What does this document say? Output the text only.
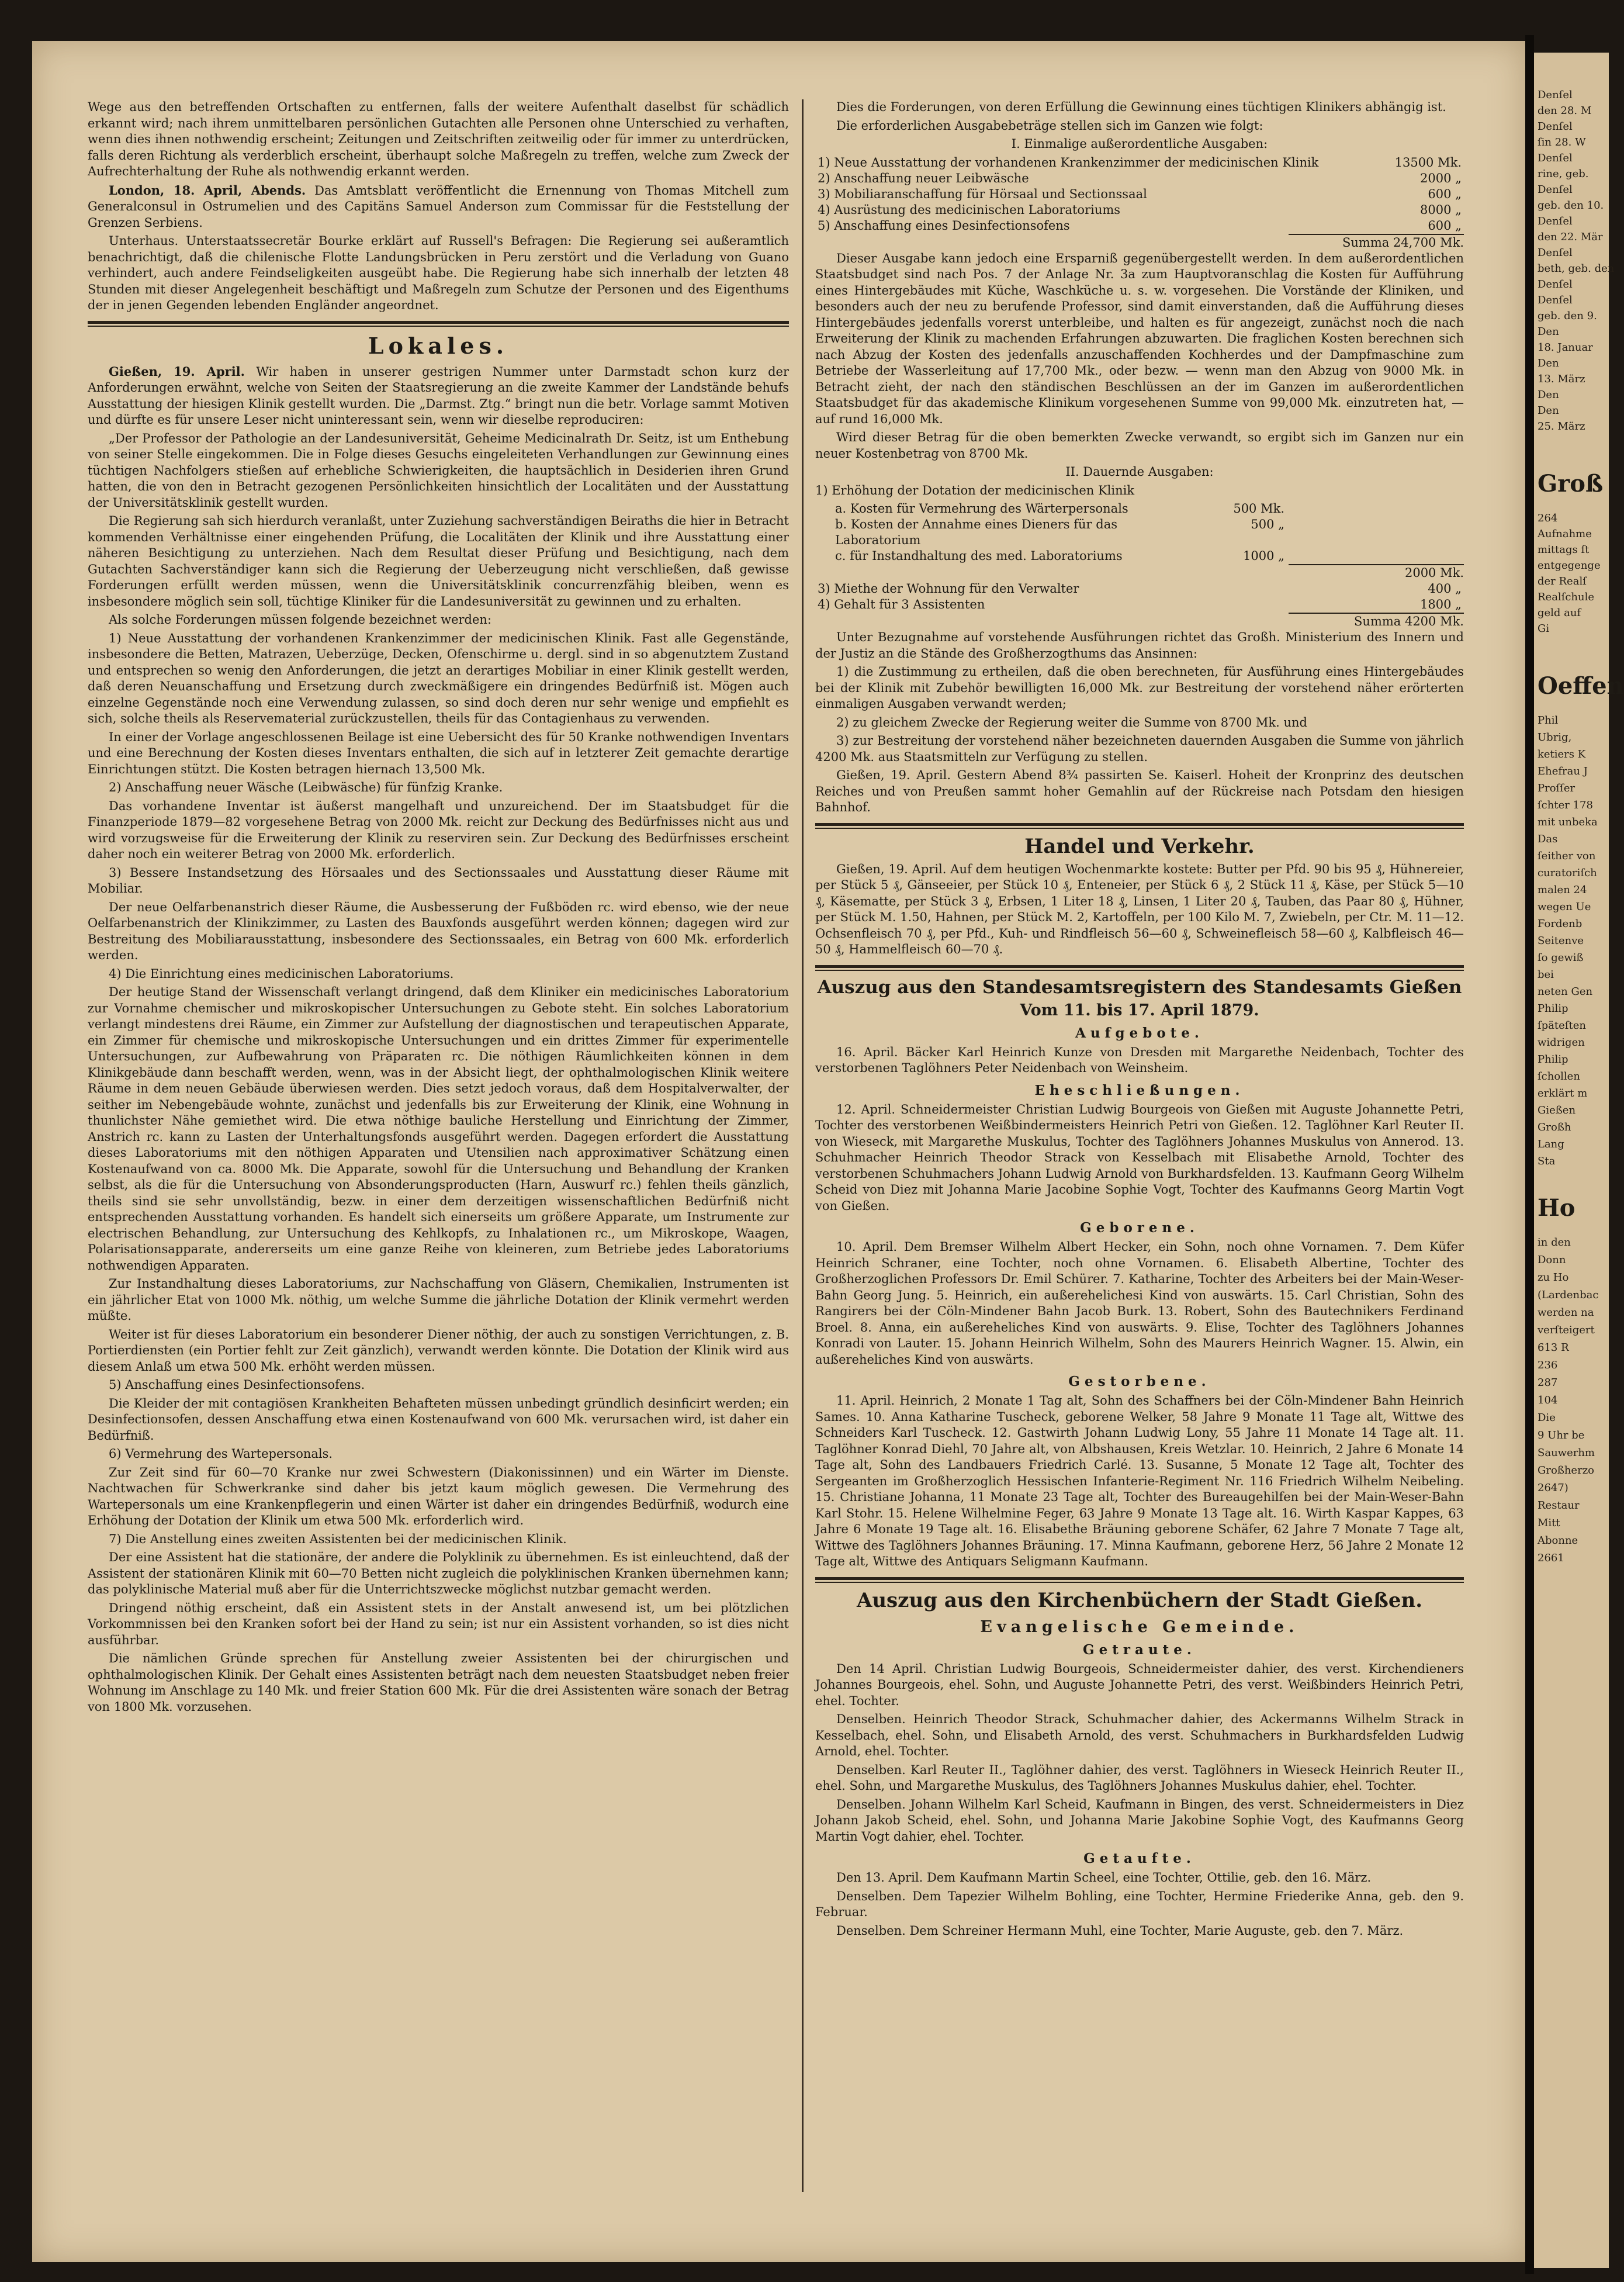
Wege aus den betreffenden Ortschaften zu entfernen, falls der weitere Aufenthalt daselbst für schädlich erkannt wird; nach ihrem unmittelbaren persönlichen Gutachten alle Personen ohne Unterschied zu verhaften, wenn dies ihnen nothwendig erscheint; Zeitungen und Zeitschriften zeitweilig oder für immer zu unterdrücken, falls deren Richtung als verderblich erscheint, überhaupt solche Maßregeln zu treffen, welche zum Zweck der Aufrechterhaltung der Ruhe als nothwendig erkannt werden.

London, 18. April, Abends. Das Amtsblatt veröffentlicht die Ernennung von Thomas Mitchell zum Generalconsul in Ostrumelien und des Capitäns Samuel Anderson zum Commissar für die Feststellung der Grenzen Serbiens.

Unterhaus. Unterstaatssecretär Bourke erklärt auf Russell's Befragen: Die Regierung sei außeramtlich benachrichtigt, daß die chilenische Flotte Landungsbrücken in Peru zerstört und die Verladung von Guano verhindert, auch andere Feindseligkeiten ausgeübt habe. Die Regierung habe sich innerhalb der letzten 48 Stunden mit dieser Angelegenheit beschäftigt und Maßregeln zum Schutze der Personen und des Eigenthums der in jenen Gegenden lebenden Engländer angeordnet.

Lokales.

Gießen, 19. April. Wir haben in unserer gestrigen Nummer unter Darmstadt schon kurz der Anforderungen erwähnt, welche von Seiten der Staatsregierung an die zweite Kammer der Landstände behufs Ausstattung der hiesigen Klinik gestellt wurden. Die „Darmst. Ztg.“ bringt nun die betr. Vorlage sammt Motiven und dürfte es für unsere Leser nicht uninteressant sein, wenn wir dieselbe reproduciren:

„Der Professor der Pathologie an der Landesuniversität, Geheime Medicinalrath Dr. Seitz, ist um Enthebung von seiner Stelle eingekommen. Die in Folge dieses Gesuchs eingeleiteten Verhandlungen zur Gewinnung eines tüchtigen Nachfolgers stießen auf erhebliche Schwierigkeiten, die hauptsächlich in Desiderien ihren Grund hatten, die von den in Betracht gezogenen Persönlichkeiten hinsichtlich der Localitäten und der Ausstattung der Universitätsklinik gestellt wurden.

Die Regierung sah sich hierdurch veranlaßt, unter Zuziehung sachverständigen Beiraths die hier in Betracht kommenden Verhältnisse einer eingehenden Prüfung, die Localitäten der Klinik und ihre Ausstattung einer näheren Besichtigung zu unterziehen. Nach dem Resultat dieser Prüfung und Besichtigung, nach dem Gutachten Sachverständiger kann sich die Regierung der Ueberzeugung nicht verschließen, daß gewisse Forderungen erfüllt werden müssen, wenn die Universitätsklinik concurrenzfähig bleiben, wenn es insbesondere möglich sein soll, tüchtige Kliniker für die Landesuniversität zu gewinnen und zu erhalten.

Als solche Forderungen müssen folgende bezeichnet werden:

1) Neue Ausstattung der vorhandenen Krankenzimmer der medicinischen Klinik. Fast alle Gegenstände, insbesondere die Betten, Matrazen, Ueberzüge, Decken, Ofenschirme u. dergl. sind in so abgenutztem Zustand und entsprechen so wenig den Anforderungen, die jetzt an derartiges Mobiliar in einer Klinik gestellt werden, daß deren Neuanschaffung und Ersetzung durch zweckmäßigere ein dringendes Bedürfniß ist. Mögen auch einzelne Gegenstände noch eine Verwendung zulassen, so sind doch deren nur sehr wenige und empfiehlt es sich, solche theils als Reservematerial zurückzustellen, theils für das Contagienhaus zu verwenden.

In einer der Vorlage angeschlossenen Beilage ist eine Uebersicht des für 50 Kranke nothwendigen Inventars und eine Berechnung der Kosten dieses Inventars enthalten, die sich auf in letzterer Zeit gemachte derartige Einrichtungen stützt. Die Kosten betragen hiernach 13,500 Mk.

2) Anschaffung neuer Wäsche (Leibwäsche) für fünfzig Kranke.

Das vorhandene Inventar ist äußerst mangelhaft und unzureichend. Der im Staatsbudget für die Finanzperiode 1879—82 vorgesehene Betrag von 2000 Mk. reicht zur Deckung des Bedürfnisses nicht aus und wird vorzugsweise für die Erweiterung der Klinik zu reserviren sein. Zur Deckung des Bedürfnisses erscheint daher noch ein weiterer Betrag von 2000 Mk. erforderlich.

3) Bessere Instandsetzung des Hörsaales und des Sectionssaales und Ausstattung dieser Räume mit Mobiliar.

Der neue Oelfarbenanstrich dieser Räume, die Ausbesserung der Fußböden rc. wird ebenso, wie der neue Oelfarbenanstrich der Klinikzimmer, zu Lasten des Bauxfonds ausgeführt werden können; dagegen wird zur Bestreitung des Mobiliarausstattung, insbesondere des Sectionssaales, ein Betrag von 600 Mk. erforderlich werden.

4) Die Einrichtung eines medicinischen Laboratoriums.

Der heutige Stand der Wissenschaft verlangt dringend, daß dem Kliniker ein medicinisches Laboratorium zur Vornahme chemischer und mikroskopischer Untersuchungen zu Gebote steht. Ein solches Laboratorium verlangt mindestens drei Räume, ein Zimmer zur Aufstellung der diagnostischen und terapeutischen Apparate, ein Zimmer für chemische und mikroskopische Untersuchungen und ein drittes Zimmer für experimentelle Untersuchungen, zur Aufbewahrung von Präparaten rc. Die nöthigen Räumlichkeiten können in dem Klinikgebäude dann beschafft werden, wenn, was in der Absicht liegt, der ophthalmologischen Klinik weitere Räume in dem neuen Gebäude überwiesen werden. Dies setzt jedoch voraus, daß dem Hospitalverwalter, der seither im Nebengebäude wohnte, zunächst und jedenfalls bis zur Erweiterung der Klinik, eine Wohnung in thunlichster Nähe gemiethet wird. Die etwa nöthige bauliche Herstellung und Einrichtung der Zimmer, Anstrich rc. kann zu Lasten der Unterhaltungsfonds ausgeführt werden. Dagegen erfordert die Ausstattung dieses Laboratoriums mit den nöthigen Apparaten und Utensilien nach approximativer Schätzung einen Kostenaufwand von ca. 8000 Mk. Die Apparate, sowohl für die Untersuchung und Behandlung der Kranken selbst, als die für die Untersuchung von Absonderungsproducten (Harn, Auswurf rc.) fehlen theils gänzlich, theils sind sie sehr unvollständig, bezw. in einer dem derzeitigen wissenschaftlichen Bedürfniß nicht entsprechenden Ausstattung vorhanden. Es handelt sich einerseits um größere Apparate, um Instrumente zur electrischen Behandlung, zur Untersuchung des Kehlkopfs, zu Inhalationen rc., um Mikroskope, Waagen, Polarisationsapparate, andererseits um eine ganze Reihe von kleineren, zum Betriebe jedes Laboratoriums nothwendigen Apparaten.

Zur Instandhaltung dieses Laboratoriums, zur Nachschaffung von Gläsern, Chemikalien, Instrumenten ist ein jährlicher Etat von 1000 Mk. nöthig, um welche Summe die jährliche Dotation der Klinik vermehrt werden müßte.

Weiter ist für dieses Laboratorium ein besonderer Diener nöthig, der auch zu sonstigen Verrichtungen, z. B. Portierdiensten (ein Portier fehlt zur Zeit gänzlich), verwandt werden könnte. Die Dotation der Klinik wird aus diesem Anlaß um etwa 500 Mk. erhöht werden müssen.

5) Anschaffung eines Desinfectionsofens.

Die Kleider der mit contagiösen Krankheiten Behafteten müssen unbedingt gründlich desinficirt werden; ein Desinfectionsofen, dessen Anschaffung etwa einen Kostenaufwand von 600 Mk. verursachen wird, ist daher ein Bedürfniß.

6) Vermehrung des Wartepersonals.

Zur Zeit sind für 60—70 Kranke nur zwei Schwestern (Diakonissinnen) und ein Wärter im Dienste. Nachtwachen für Schwerkranke sind daher bis jetzt kaum möglich gewesen. Die Vermehrung des Wartepersonals um eine Krankenpflegerin und einen Wärter ist daher ein dringendes Bedürfniß, wodurch eine Erhöhung der Dotation der Klinik um etwa 500 Mk. erforderlich wird.

7) Die Anstellung eines zweiten Assistenten bei der medicinischen Klinik.

Der eine Assistent hat die stationäre, der andere die Polyklinik zu übernehmen. Es ist einleuchtend, daß der Assistent der stationären Klinik mit 60—70 Betten nicht zugleich die polyklinischen Kranken übernehmen kann; das polyklinische Material muß aber für die Unterrichtszwecke möglichst nutzbar gemacht werden.

Dringend nöthig erscheint, daß ein Assistent stets in der Anstalt anwesend ist, um bei plötzlichen Vorkommnissen bei den Kranken sofort bei der Hand zu sein; ist nur ein Assistent vorhanden, so ist dies nicht ausführbar.

Die nämlichen Gründe sprechen für Anstellung zweier Assistenten bei der chirurgischen und ophthalmologischen Klinik. Der Gehalt eines Assistenten beträgt nach dem neuesten Staatsbudget neben freier Wohnung im Anschlage zu 140 Mk. und freier Station 600 Mk. Für die drei Assistenten wäre sonach der Betrag von 1800 Mk. vorzusehen.

Dies die Forderungen, von deren Erfüllung die Gewinnung eines tüchtigen Klinikers abhängig ist.

Die erforderlichen Ausgabebeträge stellen sich im Ganzen wie folgt:

I. Einmalige außerordentliche Ausgaben:

1) Neue Ausstattung der vorhandenen Krankenzimmer der medicinischen Klinik	13500 Mk.
2) Anschaffung neuer Leibwäsche	2000 „
3) Mobiliaranschaffung für Hörsaal und Sectionssaal	600 „
4) Ausrüstung des medicinischen Laboratoriums	8000 „
5) Anschaffung eines Desinfectionsofens	600 „
Summa 24,700 Mk.

Dieser Ausgabe kann jedoch eine Ersparniß gegenübergestellt werden. In dem außerordentlichen Staatsbudget sind nach Pos. 7 der Anlage Nr. 3a zum Hauptvoranschlag die Kosten für Aufführung eines Hintergebäudes mit Küche, Waschküche u. s. w. vorgesehen. Die Vorstände der Kliniken, und besonders auch der neu zu berufende Professor, sind damit einverstanden, daß die Aufführung dieses Hintergebäudes jedenfalls vorerst unterbleibe, und halten es für angezeigt, zunächst noch die nach Erweiterung der Klinik zu machenden Erfahrungen abzuwarten. Die fraglichen Kosten berechnen sich nach Abzug der Kosten des jedenfalls anzuschaffenden Kochherdes und der Dampfmaschine zum Betriebe der Wasserleitung auf 17,700 Mk., oder bezw. — wenn man den Abzug von 9000 Mk. in Betracht zieht, der nach den ständischen Beschlüssen an der im Ganzen im außerordentlichen Staatsbudget für das akademische Klinikum vorgesehenen Summe von 99,000 Mk. einzutreten hat, — auf rund 16,000 Mk.

Wird dieser Betrag für die oben bemerkten Zwecke verwandt, so ergibt sich im Ganzen nur ein neuer Kostenbetrag von 8700 Mk.

II. Dauernde Ausgaben:

1) Erhöhung der Dotation der medicinischen Klinik

a. Kosten für Vermehrung des Wärterpersonals	500 Mk.
b. Kosten der Annahme eines Dieners für das Laboratorium	500 „
c. für Instandhaltung des med. Laboratoriums	1000 „
2000 Mk.
3) Miethe der Wohnung für den Verwalter	400 „
4) Gehalt für 3 Assistenten	1800 „
Summa 4200 Mk.

Unter Bezugnahme auf vorstehende Ausführungen richtet das Großh. Ministerium des Innern und der Justiz an die Stände des Großherzogthums das Ansinnen:

1) die Zustimmung zu ertheilen, daß die oben berechneten, für Ausführung eines Hintergebäudes bei der Klinik mit Zubehör bewilligten 16,000 Mk. zur Bestreitung der vorstehend näher erörterten einmaligen Ausgaben verwandt werden;

2) zu gleichem Zwecke der Regierung weiter die Summe von 8700 Mk. und

3) zur Bestreitung der vorstehend näher bezeichneten dauernden Ausgaben die Summe von jährlich 4200 Mk. aus Staatsmitteln zur Verfügung zu stellen.

Gießen, 19. April. Gestern Abend 8¾ passirten Se. Kaiserl. Hoheit der Kronprinz des deutschen Reiches und von Preußen sammt hoher Gemahlin auf der Rückreise nach Potsdam den hiesigen Bahnhof.

Handel und Verkehr.

Gießen, 19. April. Auf dem heutigen Wochenmarkte kostete: Butter per Pfd. 90 bis 95 ₰, Hühnereier, per Stück 5 ₰, Gänseeier, per Stück 10 ₰, Enteneier, per Stück 6 ₰, 2 Stück 11 ₰, Käse, per Stück 5—10 ₰, Käsematte, per Stück 3 ₰, Erbsen, 1 Liter 18 ₰, Linsen, 1 Liter 20 ₰, Tauben, das Paar 80 ₰, Hühner, per Stück M. 1.50, Hahnen, per Stück M. 2, Kartoffeln, per 100 Kilo M. 7, Zwiebeln, per Ctr. M. 11—12. Ochsenfleisch 70 ₰, per Pfd., Kuh- und Rindfleisch 56—60 ₰, Schweinefleisch 58—60 ₰, Kalbfleisch 46—50 ₰, Hammelfleisch 60—70 ₰.

Auszug aus den Standesamtsregistern des Standesamts Gießen
Vom 11. bis 17. April 1879.
Aufgebote.

16. April. Bäcker Karl Heinrich Kunze von Dresden mit Margarethe Neidenbach, Tochter des verstorbenen Taglöhners Peter Neidenbach von Weinsheim.

Eheschließungen.

12. April. Schneidermeister Christian Ludwig Bourgeois von Gießen mit Auguste Johannette Petri, Tochter des verstorbenen Weißbindermeisters Heinrich Petri von Gießen. 12. Taglöhner Karl Reuter II. von Wieseck, mit Margarethe Muskulus, Tochter des Taglöhners Johannes Muskulus von Annerod. 13. Schuhmacher Heinrich Theodor Strack von Kesselbach mit Elisabethe Arnold, Tochter des verstorbenen Schuhmachers Johann Ludwig Arnold von Burkhardsfelden. 13. Kaufmann Georg Wilhelm Scheid von Diez mit Johanna Marie Jacobine Sophie Vogt, Tochter des Kaufmanns Georg Martin Vogt von Gießen.

Geborene.

10. April. Dem Bremser Wilhelm Albert Hecker, ein Sohn, noch ohne Vornamen. 7. Dem Küfer Heinrich Schraner, eine Tochter, noch ohne Vornamen. 6. Elisabeth Albertine, Tochter des Großherzoglichen Professors Dr. Emil Schürer. 7. Katharine, Tochter des Arbeiters bei der Main-Weser-Bahn Georg Jung. 5. Heinrich, ein außerehelichesi Kind von auswärts. 15. Carl Christian, Sohn des Rangirers bei der Cöln-Mindener Bahn Jacob Burk. 13. Robert, Sohn des Bautechnikers Ferdinand Broel. 8. Anna, ein außereheliches Kind von auswärts. 9. Elise, Tochter des Taglöhners Johannes Konradi von Lauter. 15. Johann Heinrich Wilhelm, Sohn des Maurers Heinrich Wagner. 15. Alwin, ein außereheliches Kind von auswärts.

Gestorbene.

11. April. Heinrich, 2 Monate 1 Tag alt, Sohn des Schaffners bei der Cöln-Mindener Bahn Heinrich Sames. 10. Anna Katharine Tuscheck, geborene Welker, 58 Jahre 9 Monate 11 Tage alt, Wittwe des Schneiders Karl Tuscheck. 12. Gastwirth Johann Ludwig Lony, 55 Jahre 11 Monate 14 Tage alt. 11. Taglöhner Konrad Diehl, 70 Jahre alt, von Albshausen, Kreis Wetzlar. 10. Heinrich, 2 Jahre 6 Monate 14 Tage alt, Sohn des Landbauers Friedrich Carlé. 13. Susanne, 5 Monate 12 Tage alt, Tochter des Sergeanten im Großherzoglich Hessischen Infanterie-Regiment Nr. 116 Friedrich Wilhelm Neibeling. 15. Christiane Johanna, 11 Monate 23 Tage alt, Tochter des Bureaugehilfen bei der Main-Weser-Bahn Karl Stohr. 15. Helene Wilhelmine Feger, 63 Jahre 9 Monate 13 Tage alt. 16. Wirth Kaspar Kappes, 63 Jahre 6 Monate 19 Tage alt. 16. Elisabethe Bräuning geborene Schäfer, 62 Jahre 7 Monate 7 Tage alt, Wittwe des Taglöhners Johannes Bräuning. 17. Minna Kaufmann, geborene Herz, 56 Jahre 2 Monate 12 Tage alt, Wittwe des Antiquars Seligmann Kaufmann.

Auszug aus den Kirchenbüchern der Stadt Gießen.
Evangelische Gemeinde.
Getraute.

Den 14 April. Christian Ludwig Bourgeois, Schneidermeister dahier, des verst. Kirchendieners Johannes Bourgeois, ehel. Sohn, und Auguste Johannette Petri, des verst. Weißbinders Heinrich Petri, ehel. Tochter.

Denselben. Heinrich Theodor Strack, Schuhmacher dahier, des Ackermanns Wilhelm Strack in Kesselbach, ehel. Sohn, und Elisabeth Arnold, des verst. Schuhmachers in Burkhardsfelden Ludwig Arnold, ehel. Tochter.

Denselben. Karl Reuter II., Taglöhner dahier, des verst. Taglöhners in Wieseck Heinrich Reuter II., ehel. Sohn, und Margarethe Muskulus, des Taglöhners Johannes Muskulus dahier, ehel. Tochter.

Denselben. Johann Wilhelm Karl Scheid, Kaufmann in Bingen, des verst. Schneidermeisters in Diez Johann Jakob Scheid, ehel. Sohn, und Johanna Marie Jakobine Sophie Vogt, des Kaufmanns Georg Martin Vogt dahier, ehel. Tochter.

Getaufte.

Den 13. April. Dem Kaufmann Martin Scheel, eine Tochter, Ottilie, geb. den 16. März.

Denselben. Dem Tapezier Wilhelm Bohling, eine Tochter, Hermine Friederike Anna, geb. den 9. Februar.

Denselben. Dem Schreiner Hermann Muhl, eine Tochter, Marie Auguste, geb. den 7. März.

Denſel
den 28. M
Denſel
ſin 28. W
Denſel
rine, geb.
Denſel
geb. den 10.
Denſel
den 22. Mär
Denſel
beth, geb. den
Denſel
Denſel
geb. den 9.
Den
18. Januar
Den
13. März
Den
Den
25. März
Groß
264
Aufnahme
mittags ſt
entgegenge
der Realſ
Realſchule
geld auf
Gi
Oeffen
Phil
Ubrig,
ketiers K
Ehefrau J
Proſſer
ſchter 178
mit unbeka
Das
ſeither von
curatoriſch
malen 24
wegen Ue
Fordenb
Seitenve
ſo gewiß
bei
neten Gen
Philip
ſpäteſten
widrigen
Philip
ſchollen
erklärt m
Gießen
Großh
Lang
Sta
Ho
in den
Donn
zu Ho
(Lardenbac
werden na
verſteigert
613 R
236
287
104
Die
9 Uhr be
Sauwerhm
Großherzo
2647)
Restaur
Mitt
Abonne
2661
